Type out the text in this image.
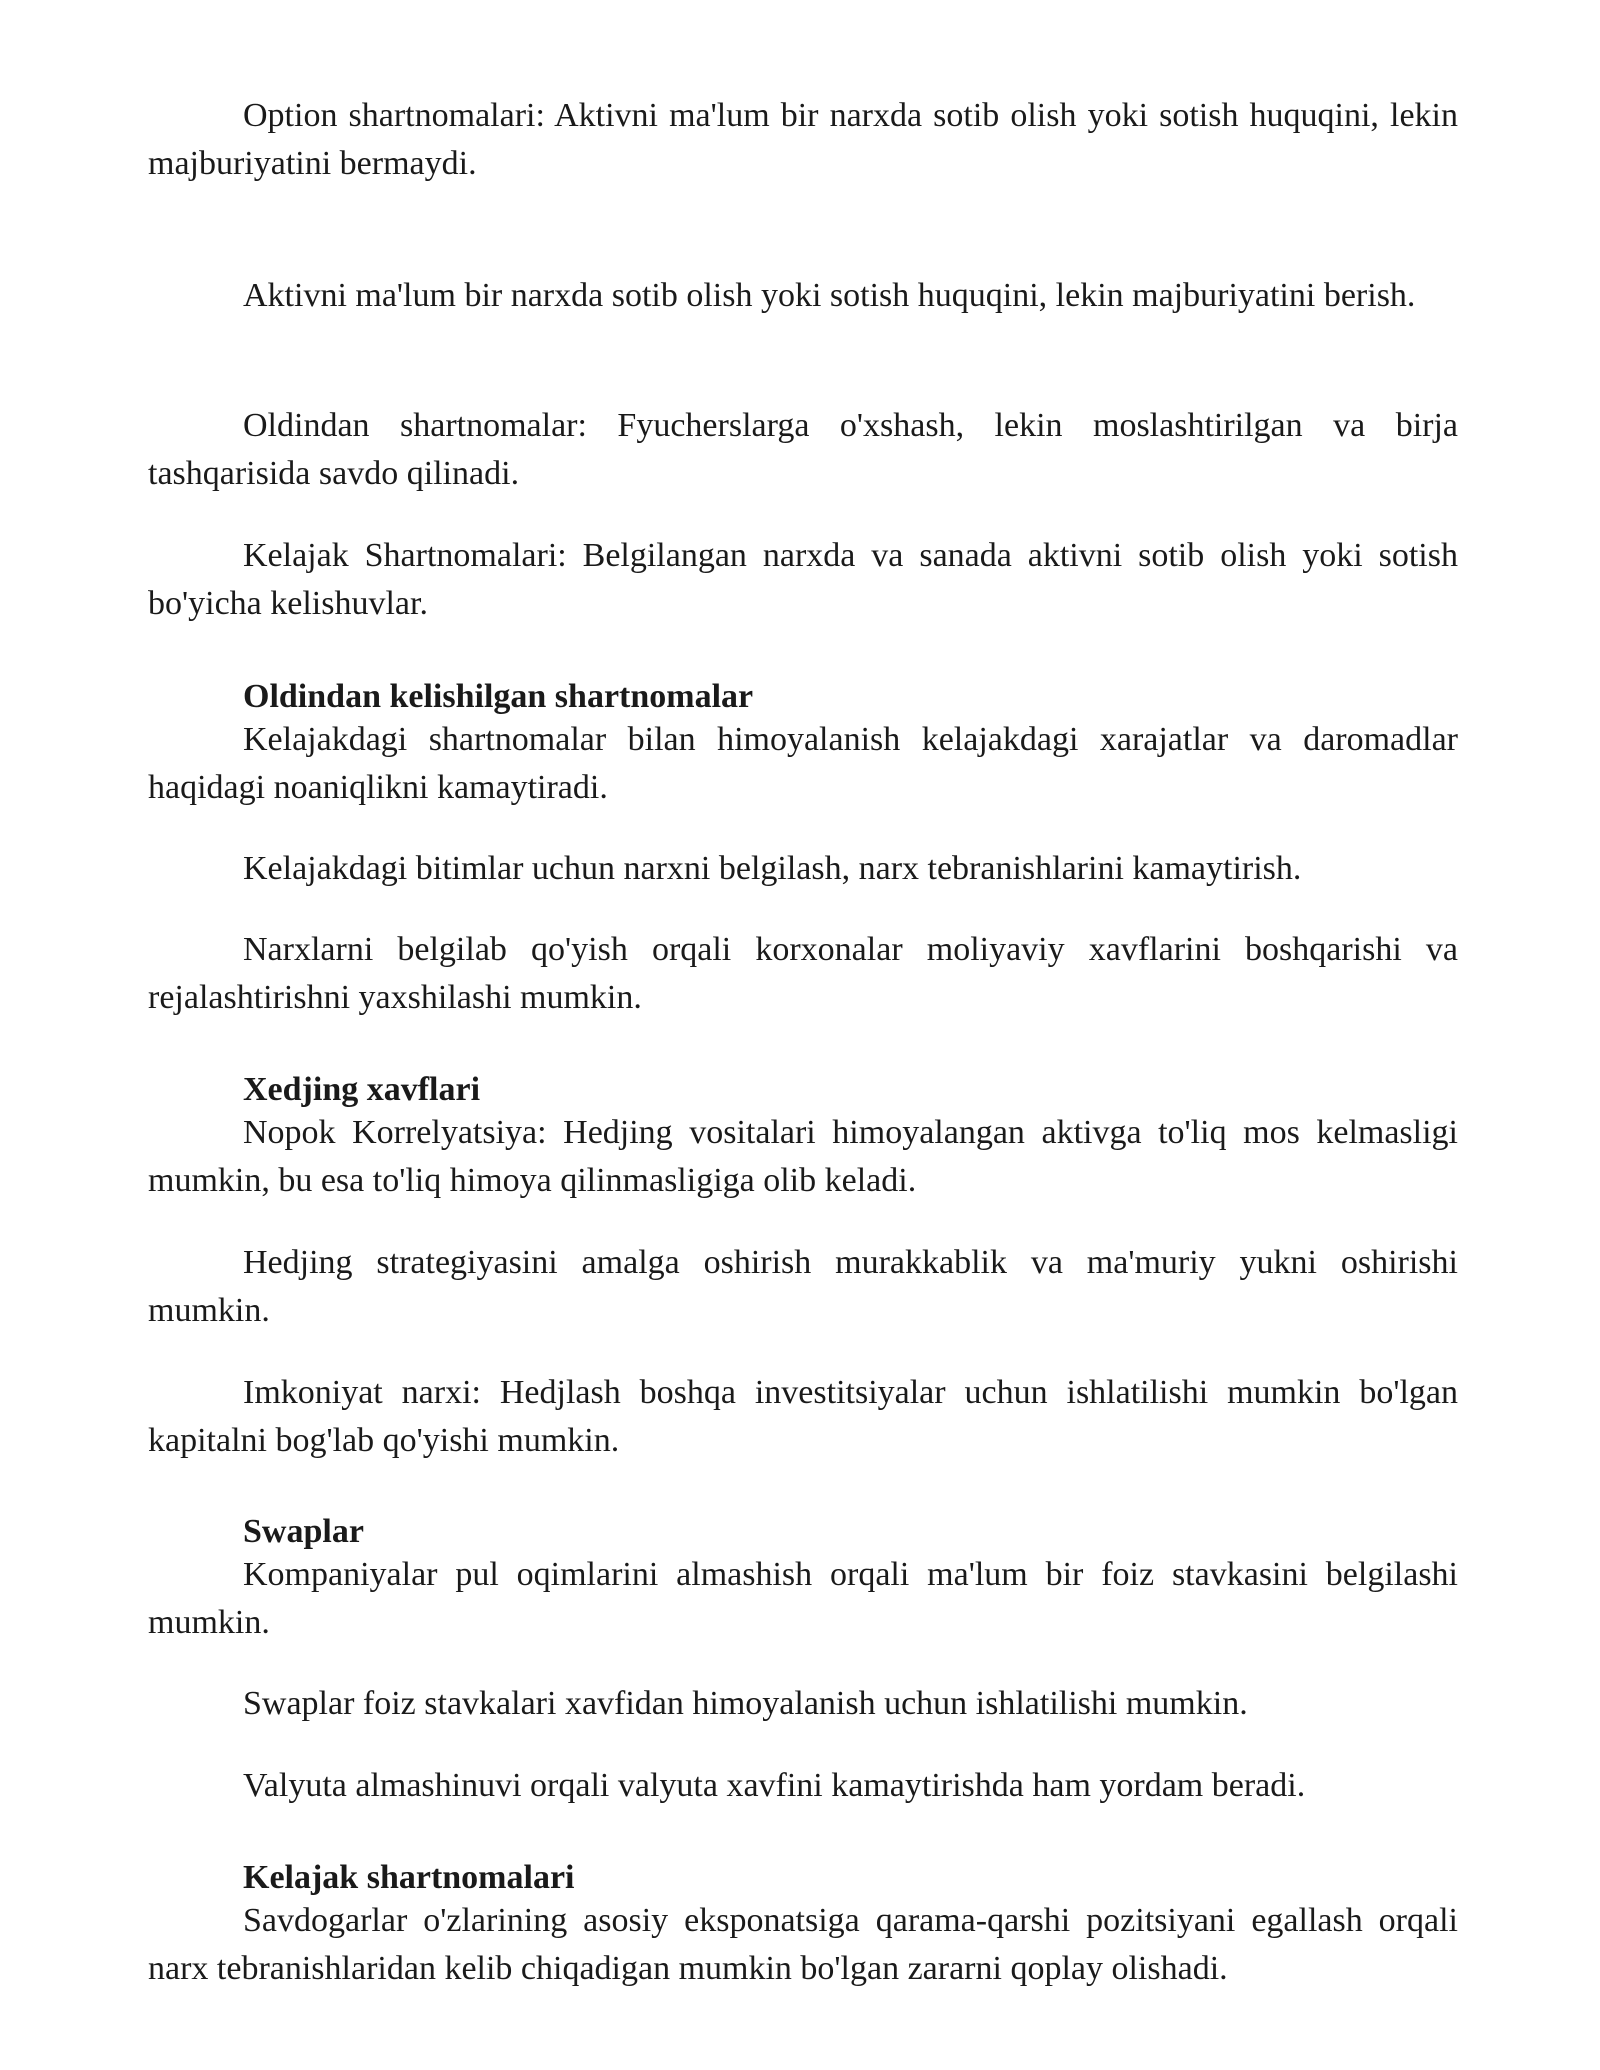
Option shartnomalari: Aktivni ma'lum bir narxda sotib olish yoki sotish huquqini, lekin majburiyatini bermaydi.

Aktivni ma'lum bir narxda sotib olish yoki sotish huquqini, lekin majburiyatini berish.

Oldindan shartnomalar: Fyucherslarga o'xshash, lekin moslashtirilgan va birja tashqarisida savdo qilinadi.

Kelajak Shartnomalari: Belgilangan narxda va sanada aktivni sotib olish yoki sotish bo'yicha kelishuvlar.

Oldindan kelishilgan shartnomalar

Kelajakdagi shartnomalar bilan himoyalanish kelajakdagi xarajatlar va daromadlar haqidagi noaniqlikni kamaytiradi.

Kelajakdagi bitimlar uchun narxni belgilash, narx tebranishlarini kamaytirish.

Narxlarni belgilab qo'yish orqali korxonalar moliyaviy xavflarini boshqarishi va rejalashtirishni yaxshilashi mumkin.

Xedjing xavflari

Nopok Korrelyatsiya: Hedjing vositalari himoyalangan aktivga to'liq mos kelmasligi mumkin, bu esa to'liq himoya qilinmasligiga olib keladi.

Hedjing strategiyasini amalga oshirish murakkablik va ma'muriy yukni oshirishi mumkin.

Imkoniyat narxi: Hedjlash boshqa investitsiyalar uchun ishlatilishi mumkin bo'lgan kapitalni bog'lab qo'yishi mumkin.

Swaplar

Kompaniyalar pul oqimlarini almashish orqali ma'lum bir foiz stavkasini belgilashi mumkin.

Swaplar foiz stavkalari xavfidan himoyalanish uchun ishlatilishi mumkin.

Valyuta almashinuvi orqali valyuta xavfini kamaytirishda ham yordam beradi.

Kelajak shartnomalari

Savdogarlar o'zlarining asosiy eksponatsiga qarama-qarshi pozitsiyani egallash orqali narx tebranishlaridan kelib chiqadigan mumkin bo'lgan zararni qoplay olishadi.
